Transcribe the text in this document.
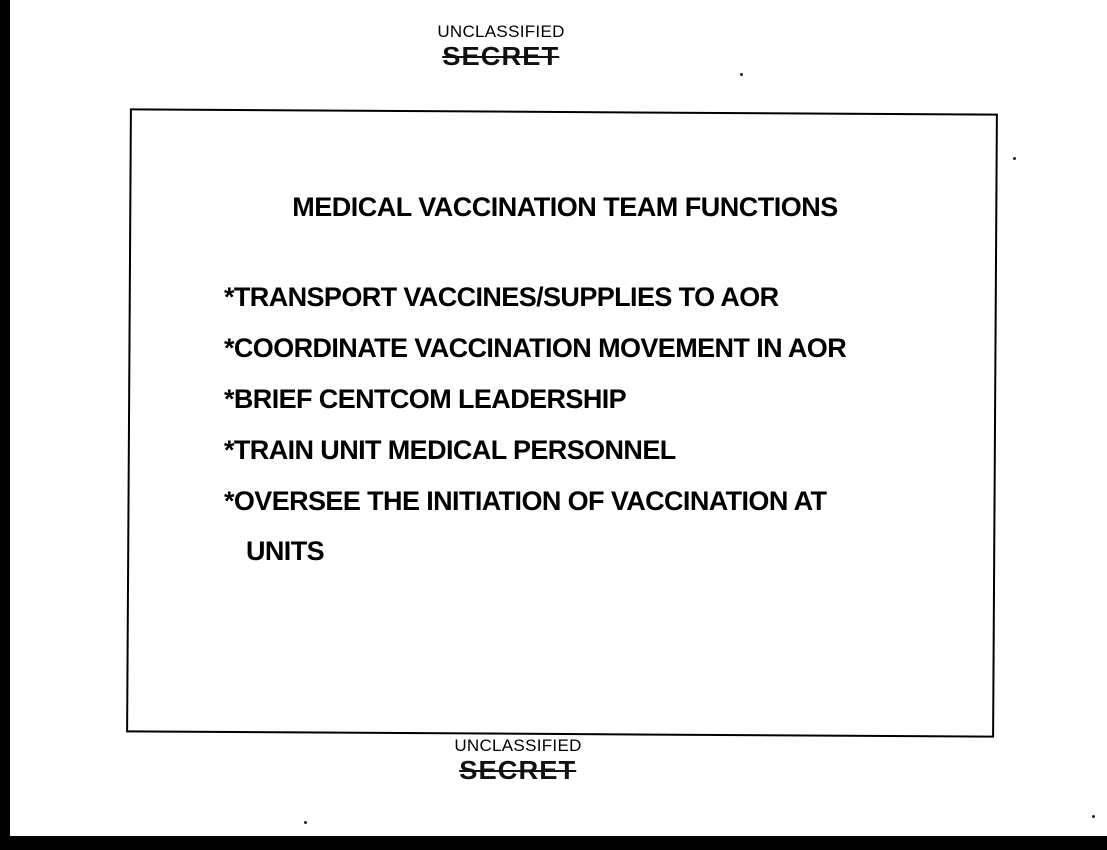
UNCLASSIFIED
SECRET
MEDICAL VACCINATION TEAM FUNCTIONS
*TRANSPORT VACCINES/SUPPLIES TO AOR
*COORDINATE VACCINATION MOVEMENT IN AOR
*BRIEF CENTCOM LEADERSHIP
*TRAIN UNIT MEDICAL PERSONNEL
*OVERSEE THE INITIATION OF VACCINATION AT
UNITS
UNCLASSIFIED
SECRET
